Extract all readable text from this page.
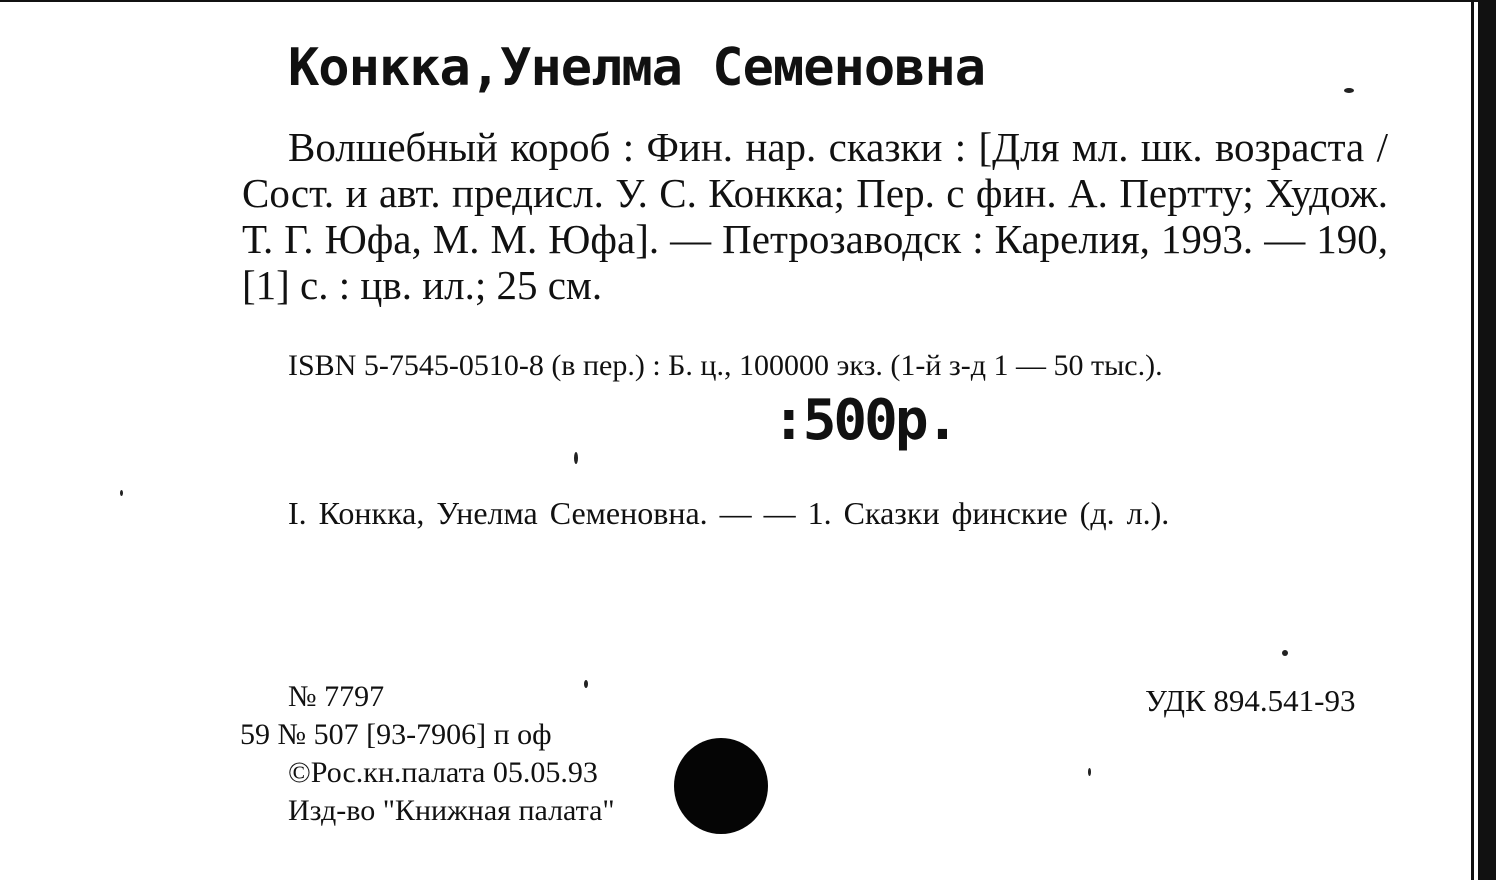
Конкка,Унелма Семеновна
Волшебный короб : Фин. нар. сказки : [Для мл. шк. возраста / Сост. и авт. предисл. У. С. Конкка; Пер. с фин. А. Пертту; Худож. Т. Г. Юфа, М. М. Юфа]. — Петрозаводск : Карелия, 1993. — 190,[1] с. : цв. ил.; 25 см.
ISBN 5-7545-0510-8 (в пер.) : Б. ц., 100000 экз. (1-й з-д 1 — 50 тыс.).
:500р.
I. Конкка, Унелма Семеновна. — — 1. Сказки финские (д. л.).
№ 7797
59 № 507 [93-7906] п оф
©Рос.кн.палата 05.05.93
Изд-во "Книжная палата"
УДК 894.541-93
